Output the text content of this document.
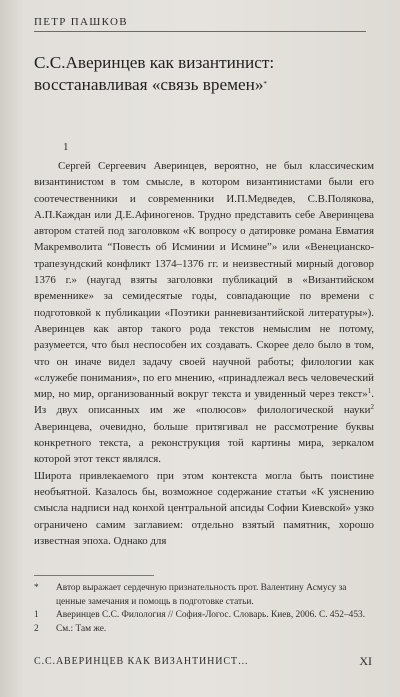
ПЕТР ПАШКОВ
С.С.Аверинцев как византинист:
восстанавливая «связь времен»*
1

Сергей Сергеевич Аверинцев, вероятно, не был классическим византинистом в том смысле, в котором византинистами были его соотечественники и современники И.П.Медведев, С.В.Полякова, А.П.Каждан или Д.Е.Афиногенов. Трудно представить себе Аверинцева автором статей под заголовком «К вопросу о датировке романа Евматия Макремволита “Повесть об Исминии и Исмине”» или «Венецианско-трапезундский конфликт 1374–1376 гг. и неизвестный мирный договор 1376 г.» (наугад взяты заголовки публикаций в «Византийском временнике» за семидесятые годы, совпадающие по времени с подготовкой к публикации «Поэтики ранневизантийской литературы»). Аверинцев как автор такого рода текстов немыслим не потому, разумеется, что был неспособен их создавать. Скорее дело было в том, что он иначе видел задачу своей научной работы; филологии как «служебе понимания», по его мнению, «принадлежал весь человеческий мир, но мир, организованный вокруг текста и увиденный через текст»$^1$. Из двух описанных им же «полюсов» филологической науки$^2$ Аверинцева, очевидно, больше притягивал не рассмотрение буквы конкретного текста, а реконструкция той картины мира, зеркалом которой этот текст являлся.

Широта привлекаемого при этом контекста могла быть поистине необъятной. Казалось бы, возможное содержание статьи «К уяснению смысла надписи над конхой центральной апсиды Софии Киевской» узко ограничено самим заглавием: отдельно взятый памятник, хорошо известная эпоха. Однако для

* Автор выражает сердечную признательность прот. Валентину Асмусу за ценные замечания и помощь в подготовке статьи.
1 Аверинцев С.С. Филология // София-Логос. Словарь. Киев, 2006. С. 452–453.
2 См.: Там же.
С.С.АВЕРИНЦЕВ КАК ВИЗАНТИНИСТ…	XI
